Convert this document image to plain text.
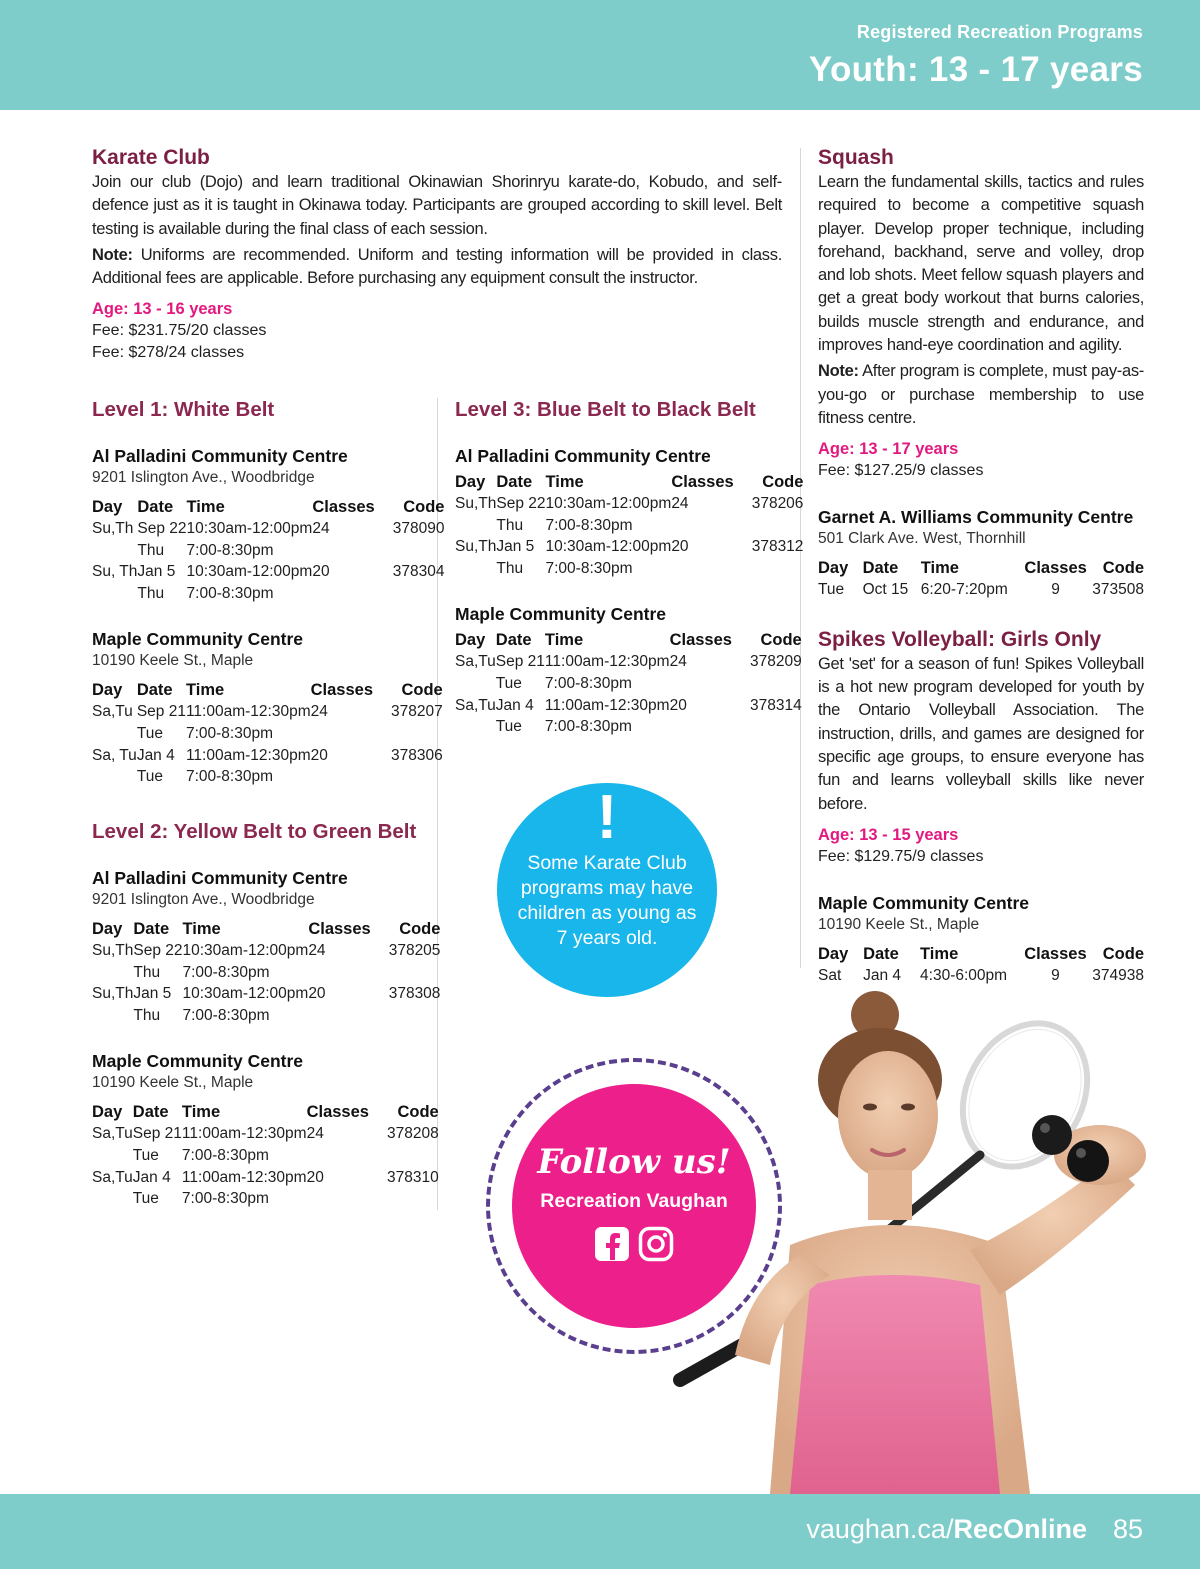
Registered Recreation Programs
Youth: 13 - 17 years
Karate Club
Join our club (Dojo) and learn traditional Okinawian Shorinryu karate-do, Kobudo, and self-defence just as it is taught in Okinawa today. Participants are grouped according to skill level. Belt testing is available during the final class of each session.
Note: Uniforms are recommended. Uniform and testing information will be provided in class. Additional fees are applicable. Before purchasing any equipment consult the instructor.
Age: 13 - 16 years
Fee: $231.75/20 classes
Fee: $278/24 classes
Level 1: White Belt
Al Palladini Community Centre
9201 Islington Ave., Woodbridge
Day	Date	Time	Classes	Code
Su,Th	Sep 22	10:30am-12:00pm	24	378090
	Thu	7:00-8:30pm		
Su, Th	Jan 5	10:30am-12:00pm	20	378304
	Thu	7:00-8:30pm		
Maple Community Centre
10190 Keele St., Maple
Day	Date	Time	Classes	Code
Sa,Tu	Sep 21	11:00am-12:30pm	24	378207
	Tue	7:00-8:30pm		
Sa, Tu	Jan 4	11:00am-12:30pm	20	378306
	Tue	7:00-8:30pm		
Level 2: Yellow Belt to Green Belt
Al Palladini Community Centre
9201 Islington Ave., Woodbridge
Day	Date	Time	Classes	Code
Su,Th	Sep 22	10:30am-12:00pm	24	378205
	Thu	7:00-8:30pm		
Su,Th	Jan 5	10:30am-12:00pm	20	378308
	Thu	7:00-8:30pm		
Maple Community Centre
10190 Keele St., Maple
Day	Date	Time	Classes	Code
Sa,Tu	Sep 21	11:00am-12:30pm	24	378208
	Tue	7:00-8:30pm		
Sa,Tu	Jan 4	11:00am-12:30pm	20	378310
	Tue	7:00-8:30pm		
Level 3: Blue Belt to Black Belt
Al Palladini Community Centre
Day	Date	Time	Classes	Code
Su,Th	Sep 22	10:30am-12:00pm	24	378206
	Thu	7:00-8:30pm		
Su,Th	Jan 5	10:30am-12:00pm	20	378312
	Thu	7:00-8:30pm		
Maple Community Centre
Day	Date	Time	Classes	Code
Sa,Tu	Sep 21	11:00am-12:30pm	24	378209
	Tue	7:00-8:30pm		
Sa,Tu	Jan 4	11:00am-12:30pm	20	378314
	Tue	7:00-8:30pm		
!
Some Karate Club programs may have children as young as 7 years old.
Squash
Learn the fundamental skills, tactics and rules required to become a competitive squash player. Develop proper technique, including forehand, backhand, serve and volley, drop and lob shots. Meet fellow squash players and get a great body workout that burns calories, builds muscle strength and endurance, and improves hand-eye coordination and agility.
Note: After program is complete, must pay-as-you-go or purchase membership to use fitness centre.
Age: 13 - 17 years
Fee: $127.25/9 classes
Garnet A. Williams Community Centre
501 Clark Ave. West, Thornhill
Day	Date	Time	Classes	Code
Tue	Oct 15	6:20-7:20pm	9	373508
Spikes Volleyball: Girls Only
Get 'set' for a season of fun! Spikes Volleyball is a hot new program developed for youth by the Ontario Volleyball Association. The instruction, drills, and games are designed for specific age groups, to ensure everyone has fun and learns volleyball skills like never before.
Age: 13 - 15 years
Fee: $129.75/9 classes
Maple Community Centre
10190 Keele St., Maple
Day	Date	Time	Classes	Code
Sat	Jan 4	4:30-6:00pm	9	374938
Follow us!
Recreation Vaughan

vaughan.ca/RecOnline 85
